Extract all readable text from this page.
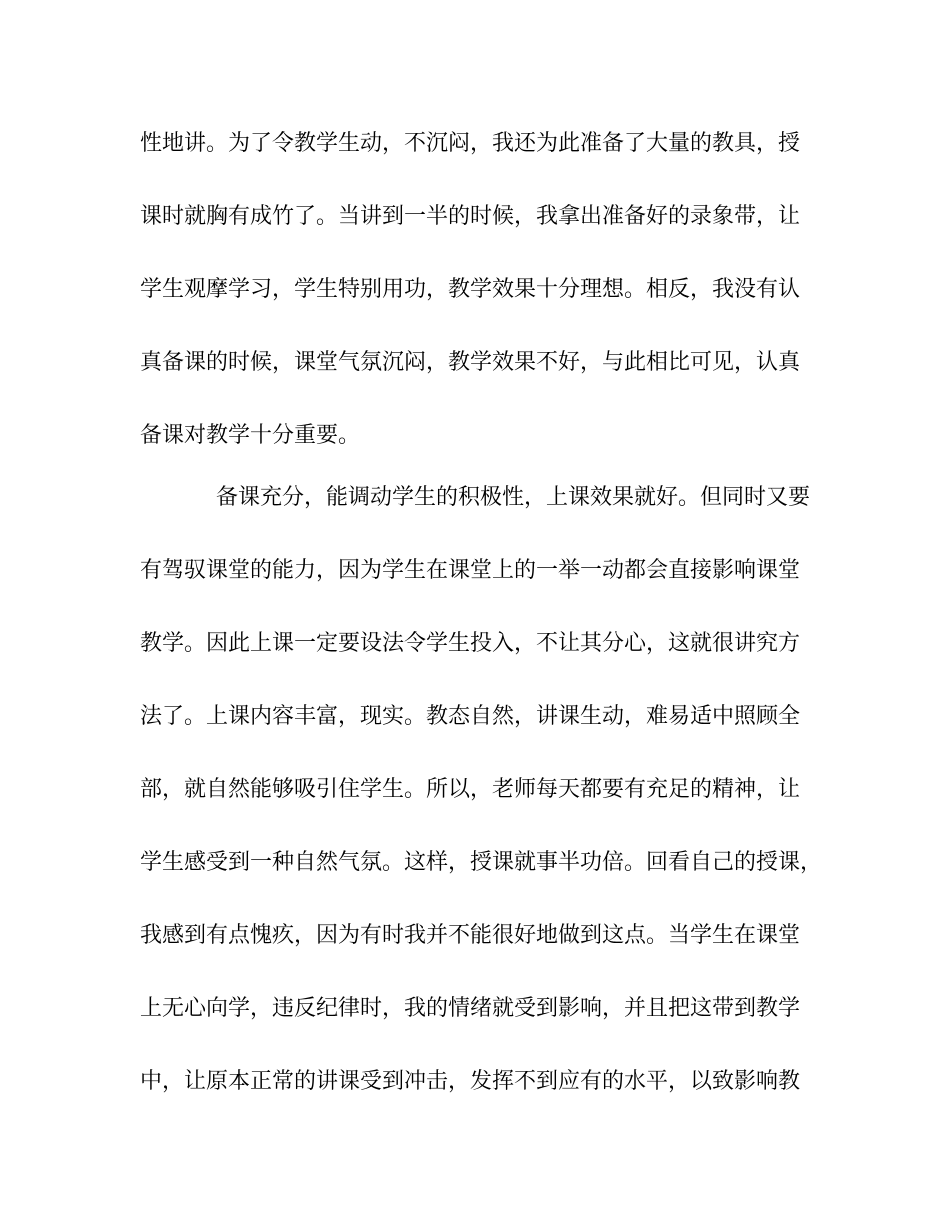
性地讲。为了令教学生动，不沉闷，我还为此准备了大量的教具，授
课时就胸有成竹了。当讲到一半的时候，我拿出准备好的录象带，让
学生观摩学习，学生特别用功，教学效果十分理想。相反，我没有认
真备课的时候，课堂气氛沉闷，教学效果不好，与此相比可见，认真
备课对教学十分重要。
备课充分，能调动学生的积极性，上课效果就好。但同时又要
有驾驭课堂的能力，因为学生在课堂上的一举一动都会直接影响课堂
教学。因此上课一定要设法令学生投入，不让其分心，这就很讲究方
法了。上课内容丰富，现实。教态自然，讲课生动，难易适中照顾全
部，就自然能够吸引住学生。所以，老师每天都要有充足的精神，让
学生感受到一种自然气氛。这样，授课就事半功倍。回看自己的授课，
我感到有点愧疚，因为有时我并不能很好地做到这点。当学生在课堂
上无心向学，违反纪律时，我的情绪就受到影响，并且把这带到教学
中，让原本正常的讲课受到冲击，发挥不到应有的水平，以致影响教
